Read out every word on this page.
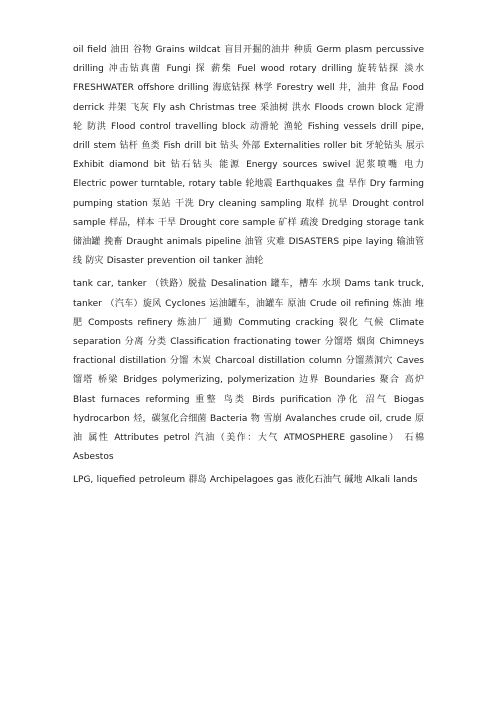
oil field 油田 谷物 Grains wildcat 盲目开掘的油井 种质 Germ plasm percussive drilling 冲击钻真菌 Fungi 探 薪柴 Fuel wood rotary drilling 旋转钻探 淡水 FRESHWATER offshore drilling 海底钻探 林学 Forestry well 井，油井 食品 Food derrick 井架 飞灰 Fly ash Christmas tree 采油树 洪水 Floods crown block 定滑轮 防洪 Flood control travelling block 动滑轮 渔轮 Fishing vessels drill pipe, drill stem 钻杆 鱼类 Fish drill bit 钻头 外部 Externalities roller bit 牙轮钻头 展示 Exhibit diamond bit 钻石钻头 能源 Energy sources swivel 泥浆喷嘴 电力 Electric power turntable, rotary table 轮地震 Earthquakes 盘 旱作 Dry farming pumping station 泵站 干洗 Dry cleaning sampling 取样 抗旱 Drought control sample 样品，样本 干旱 Drought core sample 矿样 疏浚 Dredging storage tank 储油罐 挽畜 Draught animals pipeline 油管 灾难 DISASTERS pipe laying 输油管线 防灾 Disaster prevention oil tanker 油轮

tank car, tanker （铁路）脱盐 Desalination 罐车，槽车 水坝 Dams tank truck, tanker （汽车）旋风 Cyclones 运油罐车，油罐车 原油 Crude oil refining 炼油 堆肥 Composts refinery 炼油厂 通勤 Commuting cracking 裂化 气候 Climate separation 分离 分类 Classification fractionating tower 分馏塔 烟囱 Chimneys fractional distillation 分馏 木炭 Charcoal distillation column 分馏蒸洞穴 Caves 馏塔 桥梁 Bridges polymerizing, polymerization 边界 Boundaries 聚合 高炉 Blast furnaces reforming 重整 鸟类 Birds purification 净化 沼气 Biogas hydrocarbon 烃，碳氢化合细菌 Bacteria 物 雪崩 Avalanches crude oil, crude 原油 属性 Attributes petrol 汽油（美作：大气 ATMOSPHERE gasoline） 石棉 Asbestos

LPG, liquefied petroleum 群岛 Archipelagoes gas 液化石油气 碱地 Alkali lands
